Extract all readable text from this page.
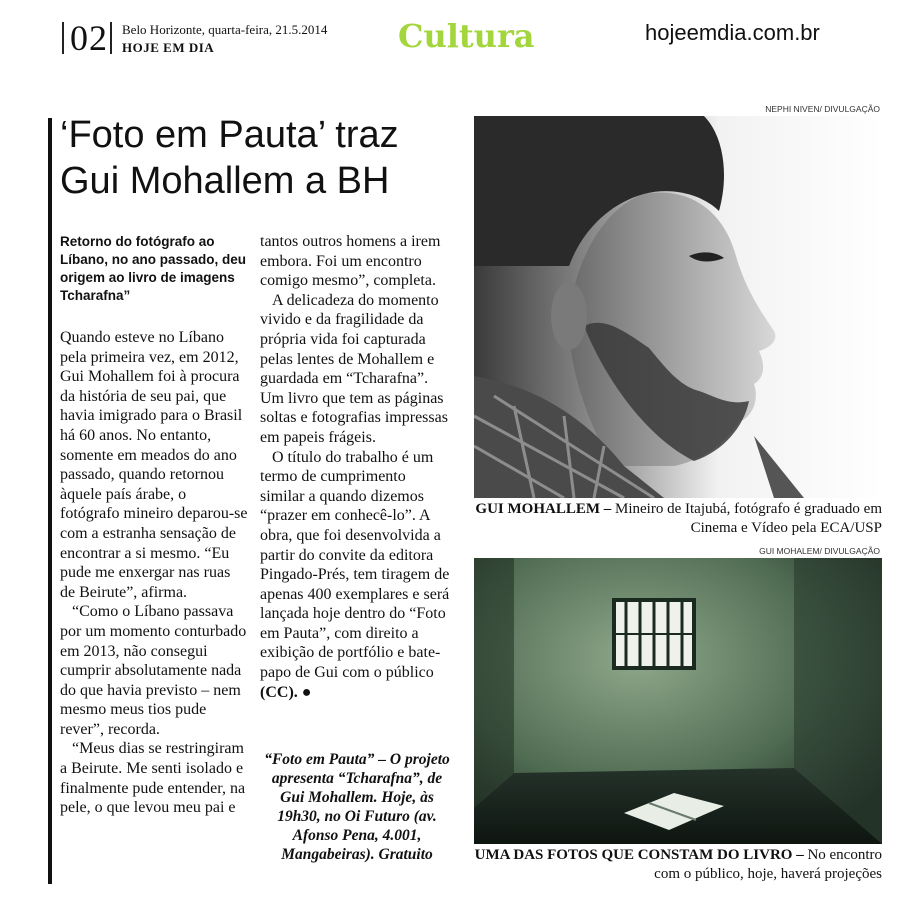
02 Belo Horizonte, quarta-feira, 21.5.2014
HOJE EM DIA	Cultura	hojeemdia.com.br
‘Foto em Pauta’ traz Gui Mohallem a BH
Retorno do fotógrafo ao Líbano, no ano passado, deu origem ao livro de imagens Tcharafna”

Quando esteve no Líbano pela primeira vez, em 2012, Gui Mohallem foi à procura da história de seu pai, que havia imigrado para o Brasil há 60 anos. No entanto, somente em meados do ano passado, quando retornou àquele país árabe, o fotógrafo mineiro deparou-se com a estranha sensação de encontrar a si mesmo. “Eu pude me enxergar nas ruas de Beirute”, afirma.

“Como o Líbano passava por um momento conturbado em 2013, não consegui cumprir absolutamente nada do que havia previsto – nem mesmo meus tios pude rever”, recorda.

“Meus dias se restringiram a Beirute. Me senti isolado e finalmente pude entender, na pele, o que levou meu pai e

tantos outros homens a irem embora. Foi um encontro comigo mesmo”, completa.

A delicadeza do momento vivido e da fragilidade da própria vida foi capturada pelas lentes de Mohallem e guardada em “Tcharafna”. Um livro que tem as páginas soltas e fotografias impressas em papeis frágeis.

O título do trabalho é um termo de cumprimento similar a quando dizemos “prazer em conhecê-lo”. A obra, que foi desenvolvida a partir do convite da editora Pingado-Prés, tem tiragem de apenas 400 exemplares e será lançada hoje dentro do “Foto em Pauta”, com direito a exibição de portfólio e bate-papo de Gui com o público (CC). ●

“Foto em Pauta” – O projeto apresenta “Tcharafna”, de Gui Mohallem. Hoje, às 19h30, no Oi Futuro (av. Afonso Pena, 4.001, Mangabeiras). Gratuito
NEPHI NIVEN/ DIVULGAÇÃO
GUI MOHALLEM – Mineiro de Itajubá, fotógrafo é graduado em Cinema e Vídeo pela ECA/USP
GUI MOHALEM/ DIVULGAÇÃO
UMA DAS FOTOS QUE CONSTAM DO LIVRO – No encontro com o público, hoje, haverá projeções
